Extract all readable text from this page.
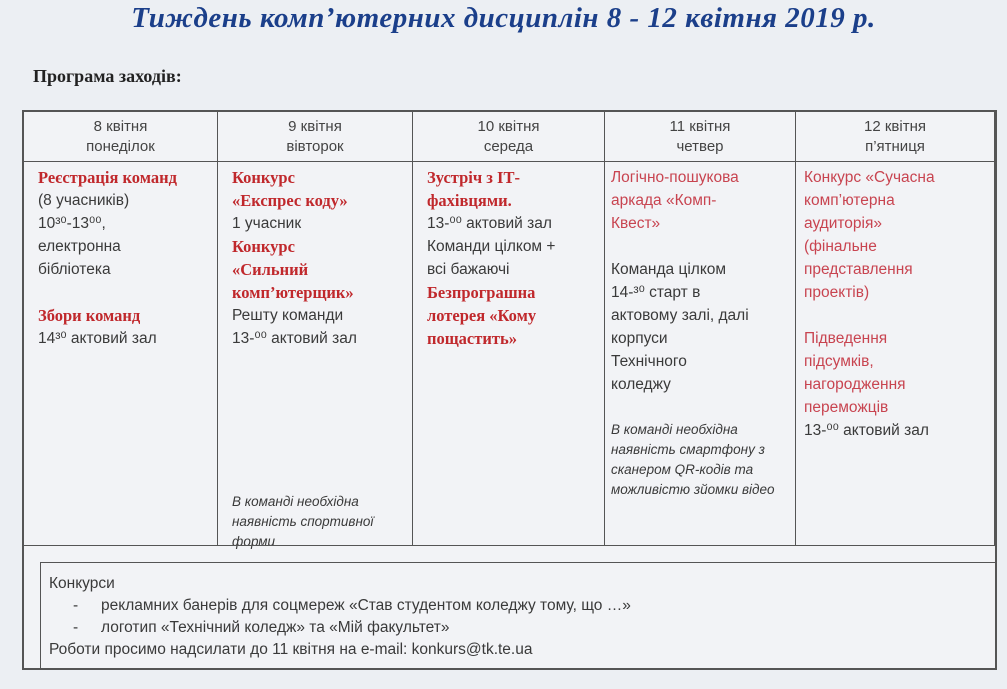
Тиждень комп’ютерних дисциплін 8 - 12 квітня 2019 р.
Програма заходів:
8 квітня
понеділок
Реєстрація команд
(8 учасників)
10³⁰-13⁰⁰,
електронна
бібліотека
Збори команд
14³⁰ актовий зал
9 квітня
вівторок
Конкурс
«Експрес коду»
1 учасник
Конкурс
«Сильний
комп’ютерщик»
Решту команди
13-⁰⁰ актовий зал
В команді необхідна наявність спортивної форми
10 квітня
середа
Зустріч з ІТ-
фахівцями.
13-⁰⁰ актовий зал
Команди цілком +
всі бажаючі
Безпрограшна
лотерея «Кому
пощастить»
11 квітня
четвер
Логічно-пошукова
аркада «Комп-
Квест»
Команда цілком
14-³⁰ старт в
актовому залі, далі
корпуси
Технічного
коледжу
В команді необхідна наявність смартфону з сканером QR-кодів та можливістю зйомки відео
12 квітня
п’ятниця
Конкурс «Сучасна
комп’ютерна
аудиторія»
(фінальне
представлення
проектів)
Підведення
підсумків,
нагородження
переможців
13-⁰⁰ актовий зал
Конкурси
- рекламних банерів для соцмереж «Став студентом коледжу тому, що …»
- логотип «Технічний коледж» та «Мій факультет»
Роботи просимо надсилати до 11 квітня на e-mail: konkurs@tk.te.ua
